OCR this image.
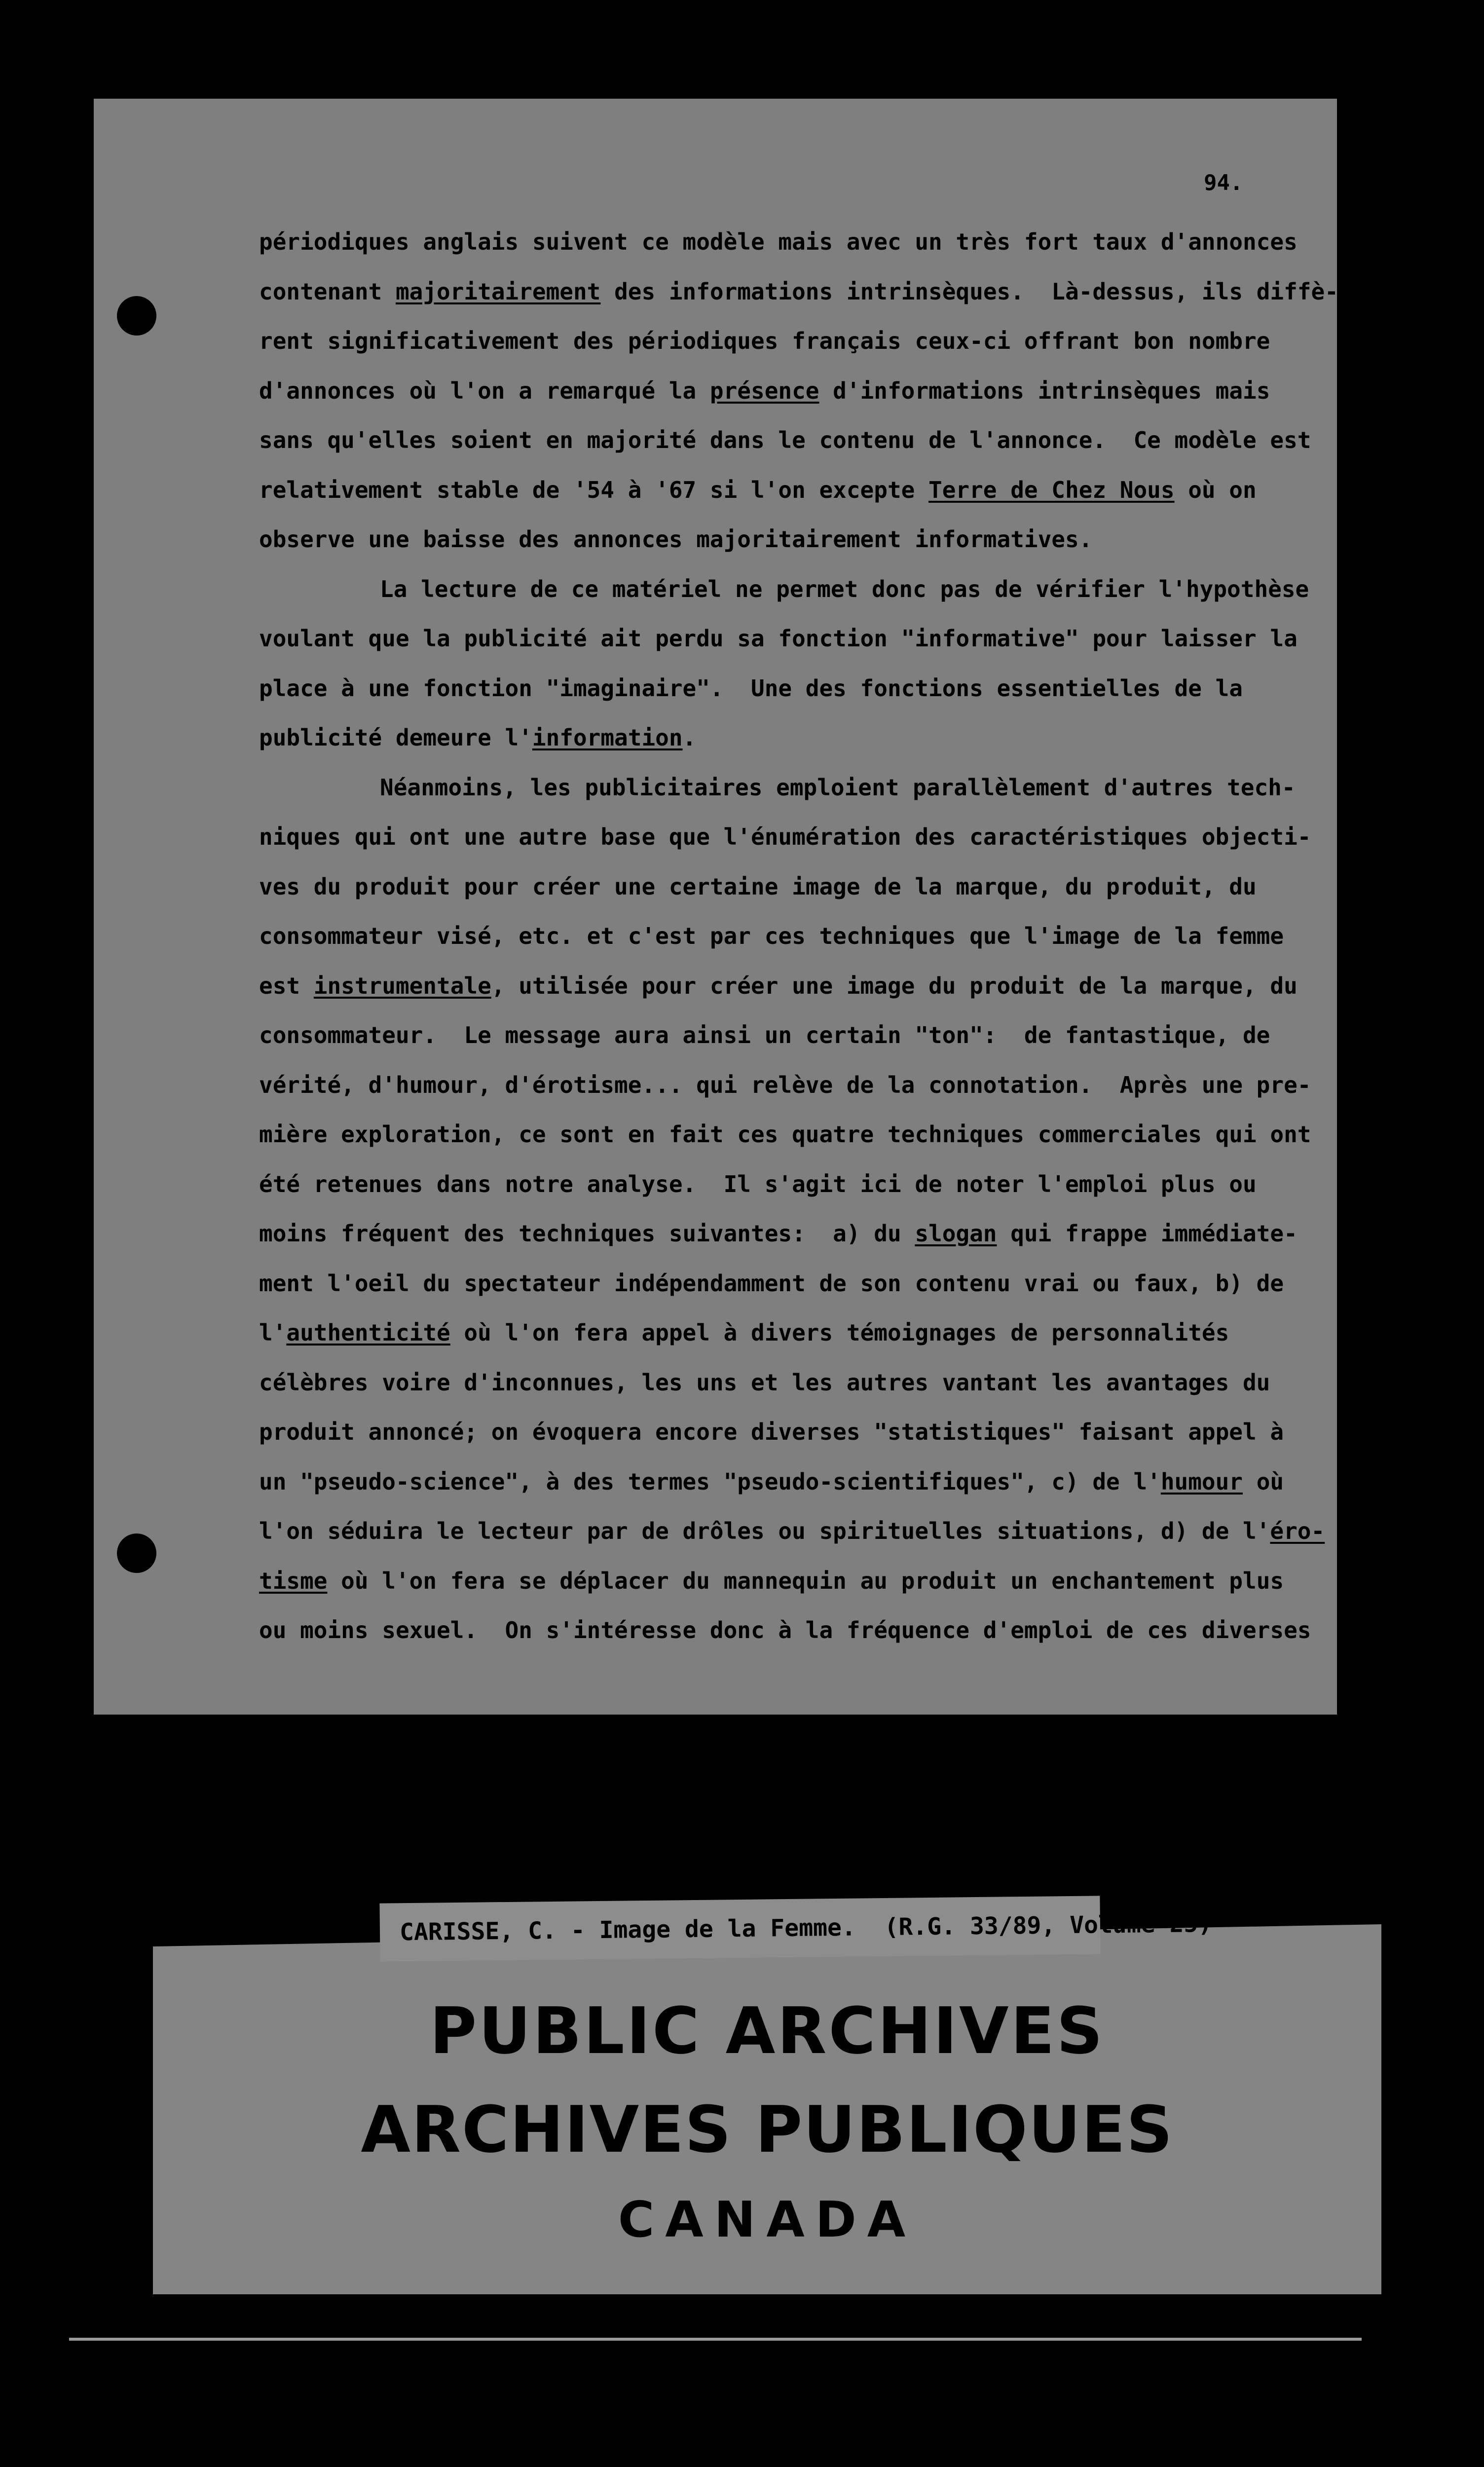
94.
périodiques anglais suivent ce modèle mais avec un très fort taux d'annonces
contenant majoritairement des informations intrinsèques.  Là-dessus, ils diffè-
rent significativement des périodiques français ceux-ci offrant bon nombre
d'annonces où l'on a remarqué la présence d'informations intrinsèques mais
sans qu'elles soient en majorité dans le contenu de l'annonce.  Ce modèle est
relativement stable de '54 à '67 si l'on excepte Terre de Chez Nous où on
observe une baisse des annonces majoritairement informatives.
La lecture de ce matériel ne permet donc pas de vérifier l'hypothèse
voulant que la publicité ait perdu sa fonction "informative" pour laisser la
place à une fonction "imaginaire".  Une des fonctions essentielles de la
publicité demeure l'information.
Néanmoins, les publicitaires emploient parallèlement d'autres tech-
niques qui ont une autre base que l'énumération des caractéristiques objecti-
ves du produit pour créer une certaine image de la marque, du produit, du
consommateur visé, etc. et c'est par ces techniques que l'image de la femme
est instrumentale, utilisée pour créer une image du produit de la marque, du
consommateur.  Le message aura ainsi un certain "ton":  de fantastique, de
vérité, d'humour, d'érotisme... qui relève de la connotation.  Après une pre-
mière exploration, ce sont en fait ces quatre techniques commerciales qui ont
été retenues dans notre analyse.  Il s'agit ici de noter l'emploi plus ou
moins fréquent des techniques suivantes:  a) du slogan qui frappe immédiate-
ment l'oeil du spectateur indépendamment de son contenu vrai ou faux, b) de
l'authenticité où l'on fera appel à divers témoignages de personnalités
célèbres voire d'inconnues, les uns et les autres vantant les avantages du
produit annoncé; on évoquera encore diverses "statistiques" faisant appel à
un "pseudo-science", à des termes "pseudo-scientifiques", c) de l'humour où
l'on séduira le lecteur par de drôles ou spirituelles situations, d) de l'éro-
tisme où l'on fera se déplacer du mannequin au produit un enchantement plus
ou moins sexuel.  On s'intéresse donc à la fréquence d'emploi de ces diverses
CARISSE, C. - Image de la Femme.  (R.G. 33/89, Volume 25)
PUBLIC ARCHIVES
ARCHIVES PUBLIQUES
CANADA
